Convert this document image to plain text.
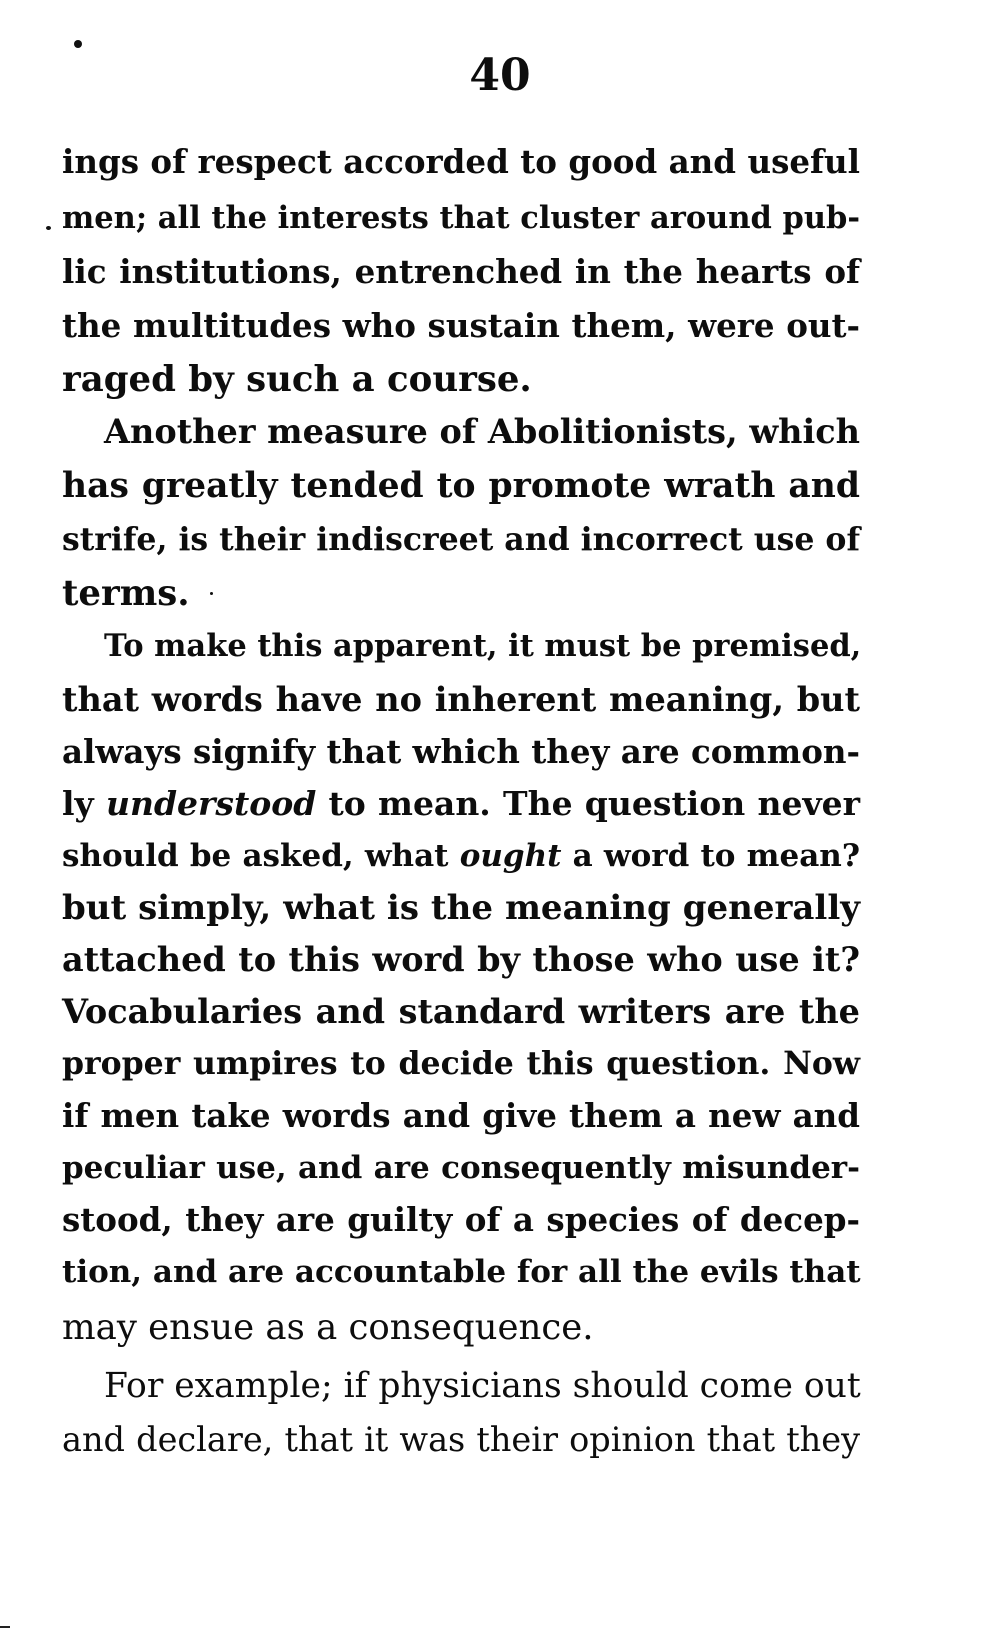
40
ings of respect accorded to good and useful
men; all the interests that cluster around pub-
lic institutions, entrenched in the hearts of
the multitudes who sustain them, were out-
raged by such a course.
Another measure of Abolitionists, which
has greatly tended to promote wrath and
strife, is their indiscreet and incorrect use of
terms.
To make this apparent, it must be premised,
that words have no inherent meaning, but
always signify that which they are common-
ly understood to mean. The question never
should be asked, what ought a word to mean?
but simply, what is the meaning generally
attached to this word by those who use it?
Vocabularies and standard writers are the
proper umpires to decide this question. Now
if men take words and give them a new and
peculiar use, and are consequently misunder-
stood, they are guilty of a species of decep-
tion, and are accountable for all the evils that
may ensue as a consequence.
For example; if physicians should come out
and declare, that it was their opinion that they
